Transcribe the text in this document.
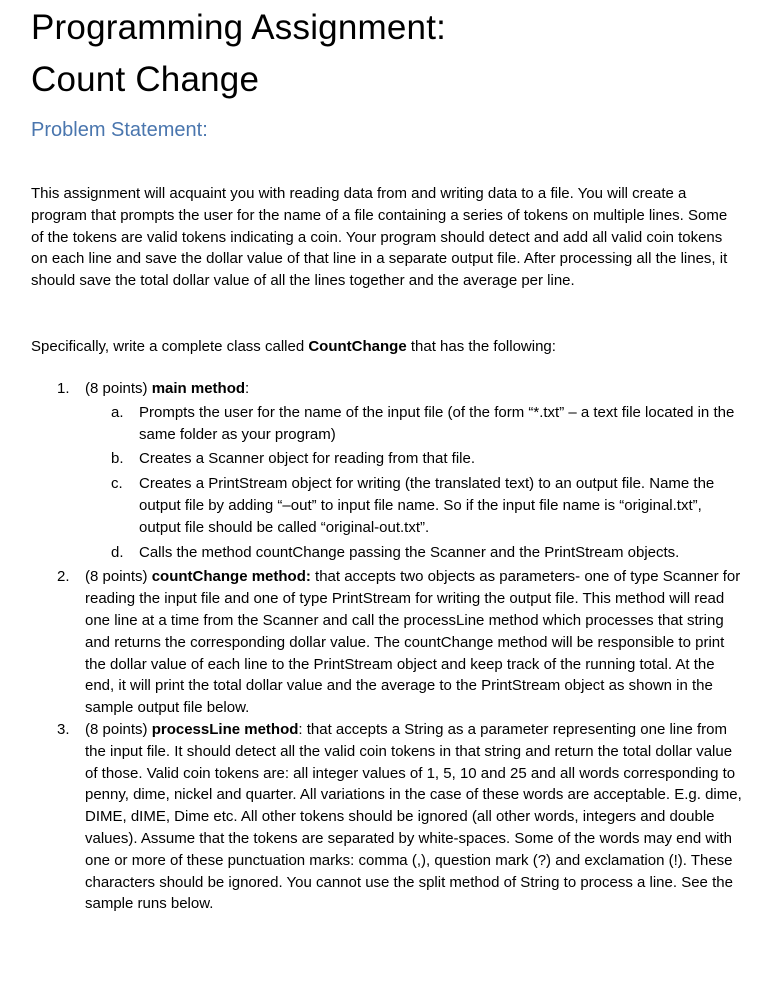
Programming Assignment:
Count Change
Problem Statement:

This assignment will acquaint you with reading data from and writing data to a file. You will create a program that prompts the user for the name of a file containing a series of tokens on multiple lines. Some of the tokens are valid tokens indicating a coin. Your program should detect and add all valid coin tokens on each line and save the dollar value of that line in a separate output file. After processing all the lines, it should save the total dollar value of all the lines together and the average per line.

Specifically, write a complete class called CountChange that has the following:

1. (8 points) main method:
a. Prompts the user for the name of the input file (of the form “*.txt” – a text file located in the same folder as your program)
b. Creates a Scanner object for reading from that file.
c. Creates a PrintStream object for writing (the translated text) to an output file. Name the output file by adding “–out” to input file name. So if the input file name is “original.txt”, output file should be called “original-out.txt”.
d. Calls the method countChange passing the Scanner and the PrintStream objects.
2. (8 points) countChange method: that accepts two objects as parameters- one of type Scanner for reading the input file and one of type PrintStream for writing the output file. This method will read one line at a time from the Scanner and call the processLine method which processes that string and returns the corresponding dollar value. The countChange method will be responsible to print the dollar value of each line to the PrintStream object and keep track of the running total. At the end, it will print the total dollar value and the average to the PrintStream object as shown in the sample output file below.
3. (8 points) processLine method: that accepts a String as a parameter representing one line from the input file. It should detect all the valid coin tokens in that string and return the total dollar value of those. Valid coin tokens are: all integer values of 1, 5, 10 and 25 and all words corresponding to penny, dime, nickel and quarter. All variations in the case of these words are acceptable. E.g. dime, DIME, dIME, Dime etc. All other tokens should be ignored (all other words, integers and double values). Assume that the tokens are separated by white-spaces. Some of the words may end with one or more of these punctuation marks: comma (,), question mark (?) and exclamation (!). These characters should be ignored. You cannot use the split method of String to process a line. See the sample runs below.
